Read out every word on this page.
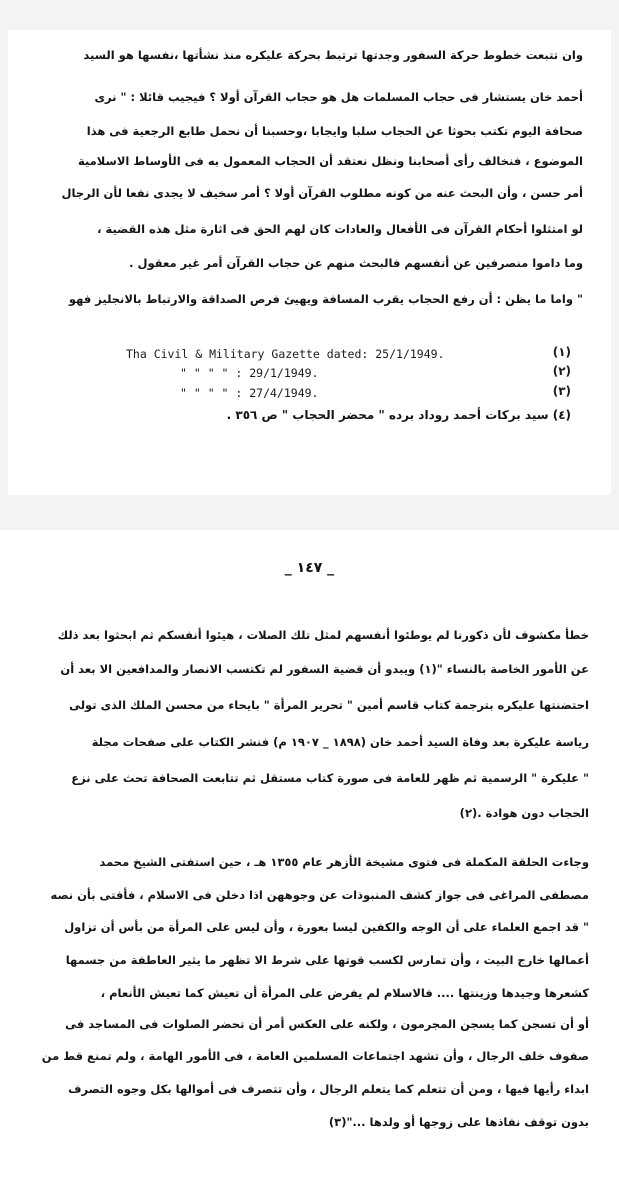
وان تتبعت خطوط حركة السفور وجدتها ترتبط بحركة عليكره منذ نشأتها ،نفسها هو السيد
أحمد خان يستشار فى حجاب المسلمات هل هو حجاب القرآن أولا ؟ فيجيب قائلا : " نرى
صحافة اليوم تكتب بحوثا عن الحجاب سلبا وايجابا ،وحسبنا أن نحمل طابع الرجعية فى هذا
الموضوع ، فنخالف رأى أصحابنا ونظل نعتقد أن الحجاب المعمول به فى الأوساط الاسلامية
أمر حسن ، وأن البحث عنه من كونه مطلوب القرآن أولا ؟ أمر سخيف لا يجدى نفعا لأن الرجال
لو امتثلوا أحكام القرآن فى الأفعال والعادات كان لهم الحق فى اثارة مثل هذه القضية ،
وما داموا منصرفين عن أنفسهم فالبحث منهم عن حجاب القرآن أمر غير معقول .
" واما ما يظن : أن رفع الحجاب يقرب المسافة ويهيئ فرص الصداقة والارتباط بالانجليز فهو
Tha Civil & Military Gazette dated: 25/1/1949.	(١)
" " " " : 29/1/1949.	(٢)
" " " " : 27/4/1949.	(٣)
(٤) سيد بركات أحمد روداد برده " محضر الحجاب " ص ٣٥٦ .
_ ١٤٧ _
خطأ مكشوف لأن ذكورنا لم يوطئوا أنفسهم لمثل تلك الصلات ، هيئوا أنفسكم ثم ابحثوا بعد ذلك
عن الأمور الخاصة بالنساء "(١) ويبدو أن قضية السفور لم تكتسب الانصار والمدافعين الا بعد أن
احتضنتها عليكره بترجمة كتاب قاسم أمين " تحرير المرأة " بايحاء من محسن الملك الذى تولى
رياسة عليكرة بعد وفاة السيد أحمد خان (١٨٩٨ _ ١٩٠٧ م) فنشر الكتاب على صفحات مجلة
" عليكرة " الرسمية ثم ظهر للعامة فى صورة كتاب مستقل ثم تتابعت الصحافة تحث على نزع
الحجاب دون هوادة .(٢)
وجاءت الحلقة المكملة فى فتوى مشيخة الأزهر عام ١٣٥٥ هـ ، حين استفتى الشيخ محمد
مصطفى المراغى فى جواز كشف المنبوذات عن وجوههن اذا دخلن فى الاسلام ، فأفتى بأن نصه
" قد اجمع العلماء على أن الوجه والكفين ليسا بعورة ، وأن ليس على المرأة من بأس أن تزاول
أعمالها خارج البيت ، وأن تمارس لكسب قوتها على شرط الا تظهر ما يثير العاطفة من جسمها
كشعرها وجيدها وزينتها .... فالاسلام لم يفرض على المرأة أن تعيش كما تعيش الأنعام ،
أو أن تسجن كما يسجن المجرمون ، ولكنه على العكس أمر أن تحضر الصلوات فى المساجد فى
صفوف خلف الرجال ، وأن تشهد اجتماعات المسلمين العامة ، فى الأمور الهامة ، ولم تمنع قط من
ابداء رأيها فيها ، ومن أن تتعلم كما يتعلم الرجال ، وأن تتصرف فى أموالها بكل وجوه التصرف
بدون توقف نفاذها على زوجها أو ولدها ..."(٣)
